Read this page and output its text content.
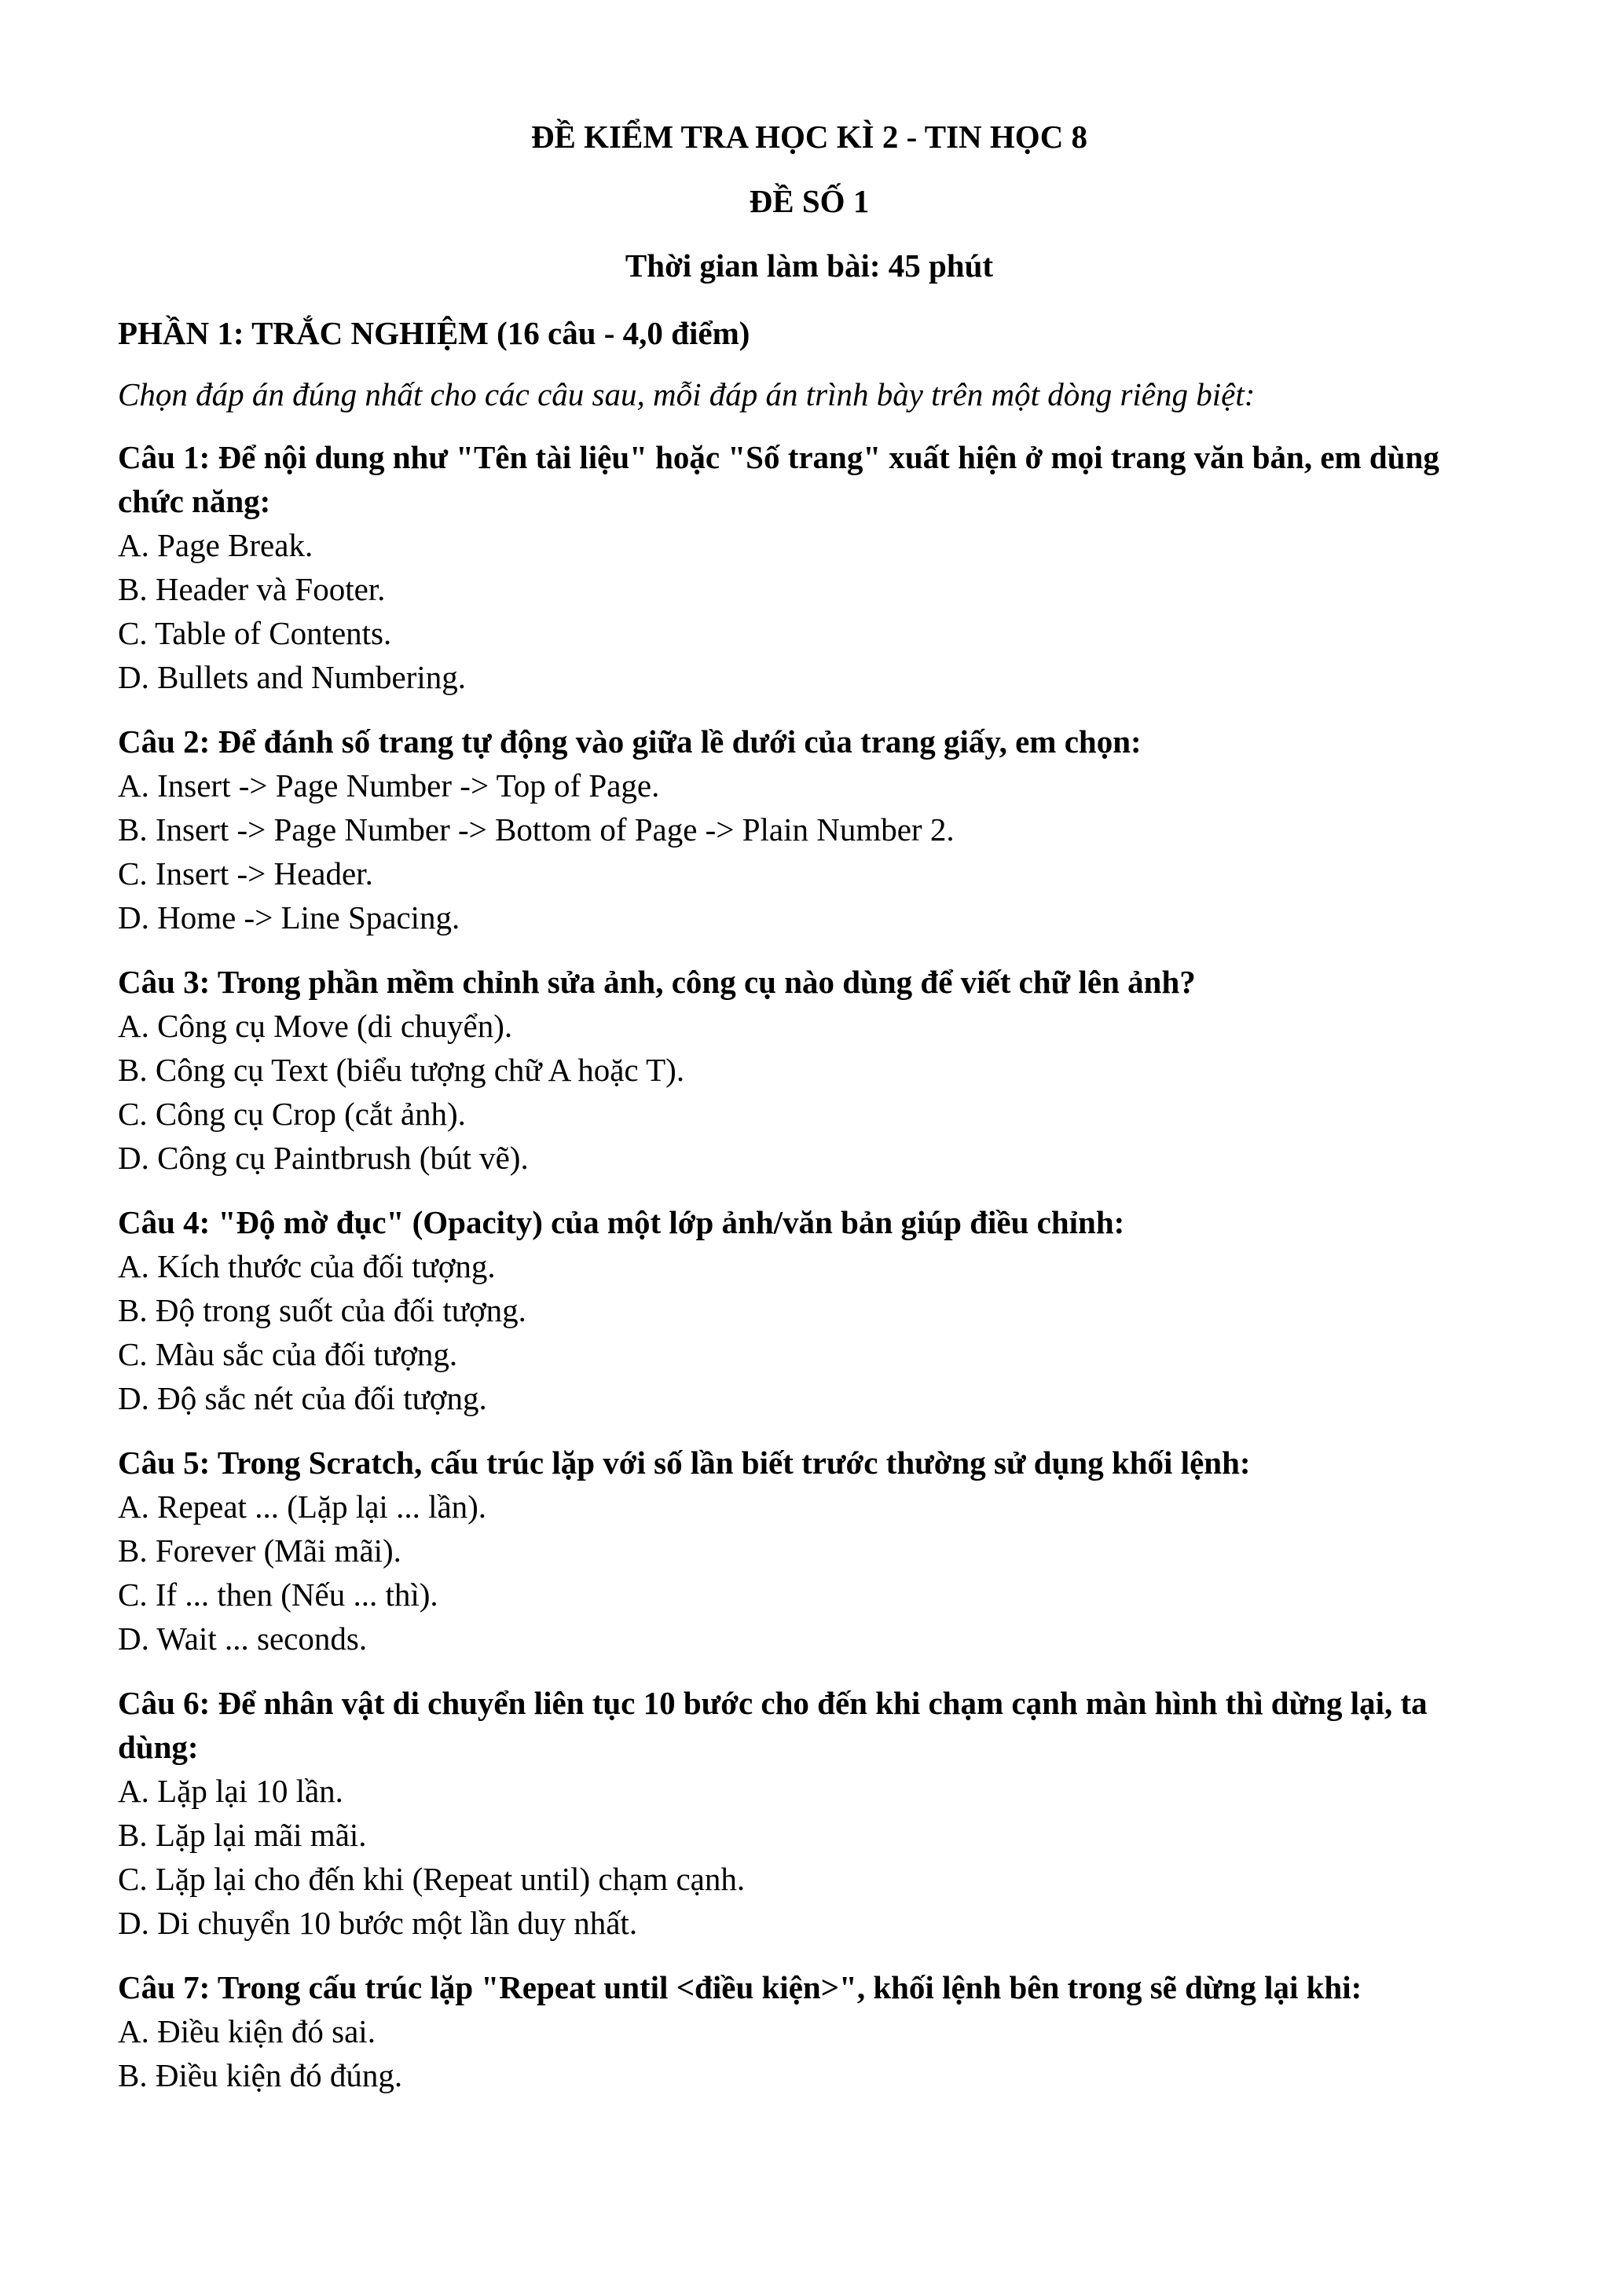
ĐỀ KIỂM TRA HỌC KÌ 2 - TIN HỌC 8

ĐỀ SỐ 1

Thời gian làm bài: 45 phút

PHẦN 1: TRẮC NGHIỆM (16 câu - 4,0 điểm)

Chọn đáp án đúng nhất cho các câu sau, mỗi đáp án trình bày trên một dòng riêng biệt:

Câu 1: Để nội dung như "Tên tài liệu" hoặc "Số trang" xuất hiện ở mọi trang văn bản, em dùng chức năng:

A. Page Break.

B. Header và Footer.

C. Table of Contents.

D. Bullets and Numbering.

Câu 2: Để đánh số trang tự động vào giữa lề dưới của trang giấy, em chọn:

A. Insert -> Page Number -> Top of Page.

B. Insert -> Page Number -> Bottom of Page -> Plain Number 2.

C. Insert -> Header.

D. Home -> Line Spacing.

Câu 3: Trong phần mềm chỉnh sửa ảnh, công cụ nào dùng để viết chữ lên ảnh?

A. Công cụ Move (di chuyển).

B. Công cụ Text (biểu tượng chữ A hoặc T).

C. Công cụ Crop (cắt ảnh).

D. Công cụ Paintbrush (bút vẽ).

Câu 4: "Độ mờ đục" (Opacity) của một lớp ảnh/văn bản giúp điều chỉnh:

A. Kích thước của đối tượng.

B. Độ trong suốt của đối tượng.

C. Màu sắc của đối tượng.

D. Độ sắc nét của đối tượng.

Câu 5: Trong Scratch, cấu trúc lặp với số lần biết trước thường sử dụng khối lệnh:

A. Repeat ... (Lặp lại ... lần).

B. Forever (Mãi mãi).

C. If ... then (Nếu ... thì).

D. Wait ... seconds.

Câu 6: Để nhân vật di chuyển liên tục 10 bước cho đến khi chạm cạnh màn hình thì dừng lại, ta dùng:

A. Lặp lại 10 lần.

B. Lặp lại mãi mãi.

C. Lặp lại cho đến khi (Repeat until) chạm cạnh.

D. Di chuyển 10 bước một lần duy nhất.

Câu 7: Trong cấu trúc lặp "Repeat until <điều kiện>", khối lệnh bên trong sẽ dừng lại khi:

A. Điều kiện đó sai.

B. Điều kiện đó đúng.
